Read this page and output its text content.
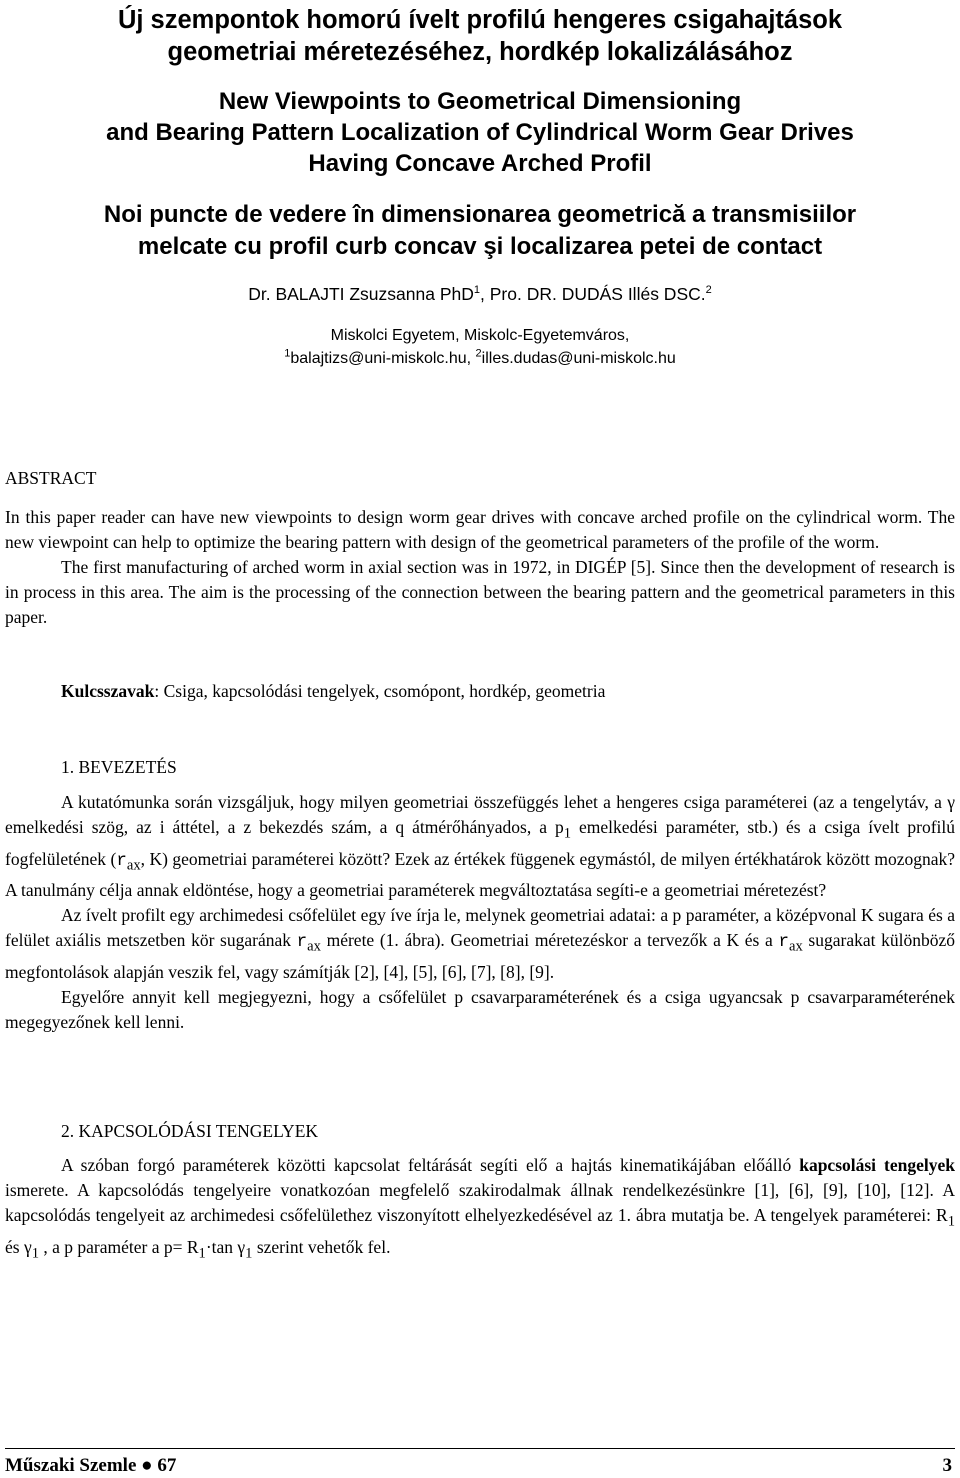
Új szempontok homorú ívelt profilú hengeres csigahajtások
geometriai méretezéséhez, hordkép lokalizálásához
New Viewpoints to Geometrical Dimensioning
and Bearing Pattern Localization of Cylindrical Worm Gear Drives
Having Concave Arched Profil
Noi puncte de vedere în dimensionarea geometrică a transmisiilor
melcate cu profil curb concav şi localizarea petei de contact
Dr. BALAJTI Zsuzsanna PhD$^1$, Pro. DR. DUDÁS Illés DSC.$^2$
Miskolci Egyetem, Miskolc-Egyetemváros,
$^1$balajtizs@uni-miskolc.hu, $^2$illes.dudas@uni-miskolc.hu
ABSTRACT

In this paper reader can have new viewpoints to design worm gear drives with concave arched profile on the cylindrical worm. The new viewpoint can help to optimize the bearing pattern with design of the geometrical parameters of the profile of the worm.

The first manufacturing of arched worm in axial section was in 1972, in DIGÉP [5]. Since then the development of research is in process in this area. The aim is the processing of the connection between the bearing pattern and the geometrical parameters in this paper.

Kulcsszavak: Csiga, kapcsolódási tengelyek, csomópont, hordkép, geometria
1. BEVEZETÉS

A kutatómunka során vizsgáljuk, hogy milyen geometriai összefüggés lehet a hengeres csiga paraméterei (az a tengelytáv, a γ emelkedési szög, az i áttétel, a z bekezdés szám, a q átmérőhányados, a $p_1$ emelkedési paraméter, stb.) és a csiga ívelt profilú fogfelületének ($r_{ax}$, K) geometriai paraméterei között? Ezek az értékek függenek egymástól, de milyen értékhatárok között mozognak? A tanulmány célja annak eldöntése, hogy a geometriai paraméterek megváltoztatása segíti-e a geometriai méretezést?

Az ívelt profilt egy archimedesi csőfelület egy íve írja le, melynek geometriai adatai: a p paraméter, a középvonal K sugara és a felület axiális metszetben kör sugarának $r_{ax}$ mérete (1. ábra). Geometriai méretezéskor a tervezők a K és a $r_{ax}$ sugarakat különböző megfontolások alapján veszik fel, vagy számítják [2], [4], [5], [6], [7], [8], [9].

Egyelőre annyit kell megjegyezni, hogy a csőfelület p csavarparaméterének és a csiga ugyancsak p csavarparaméterének megegyezőnek kell lenni.

2. KAPCSOLÓDÁSI TENGELYEK

A szóban forgó paraméterek közötti kapcsolat feltárását segíti elő a hajtás kinematikájában előálló kapcsolási tengelyek ismerete. A kapcsolódás tengelyeire vonatkozóan megfelelő szakirodalmak állnak rendelkezésünkre [1], [6], [9], [10], [12]. A kapcsolódás tengelyeit az archimedesi csőfelülethez viszonyított elhelyezkedésével az 1. ábra mutatja be. A tengelyek paraméterei: $R_1$ és $\gamma_1$ , a p paraméter a $p= R_1\cdot\tan$ $\gamma_1$ szerint vehetők fel.

Műszaki Szemle ● 67	3
